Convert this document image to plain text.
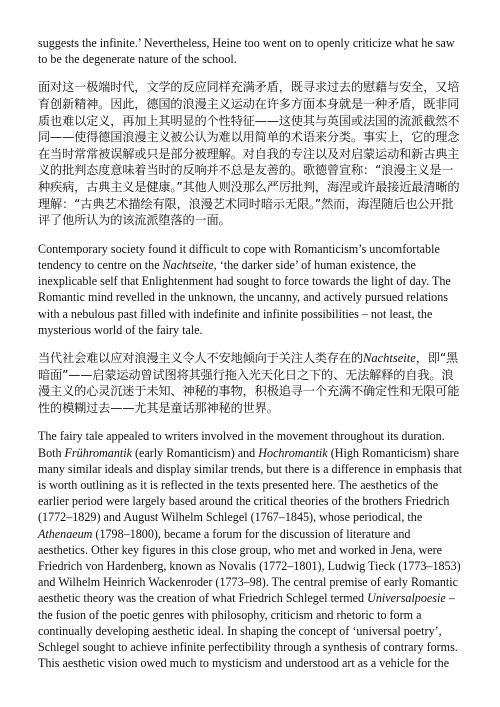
suggests the infinite.’ Nevertheless, Heine too went on to openly criticize what he saw to be the degenerate nature of the school.

面对这一极端时代，文学的反应同样充满矛盾，既寻求过去的慰藉与安全，又培育创新精神。因此，德国的浪漫主义运动在许多方面本身就是一种矛盾，既非同质也难以定义，再加上其明显的个性特征——这使其与英国或法国的流派截然不同——使得德国浪漫主义被公认为难以用简单的术语来分类。事实上，它的理念在当时常常被误解或只是部分被理解。对自我的专注以及对启蒙运动和新古典主义的批判态度意味着当时的反响并不总是友善的。歌德曾宣称：“浪漫主义是一种疾病，古典主义是健康。”其他人则没那么严厉批判，海涅或许最接近最清晰的理解：“古典艺术描绘有限，浪漫艺术同时暗示无限。”然而，海涅随后也公开批评了他所认为的该流派堕落的一面。

Contemporary society found it difficult to cope with Romanticism’s uncomfortable tendency to centre on the Nachtseite, ‘the darker side’ of human existence, the inexplicable self that Enlightenment had sought to force towards the light of day. The Romantic mind revelled in the unknown, the uncanny, and actively pursued relations with a nebulous past filled with indefinite and infinite possibilities – not least, the mysterious world of the fairy tale.

当代社会难以应对浪漫主义令人不安地倾向于关注人类存在的Nachtseite，即“黑暗面”——启蒙运动曾试图将其强行拖入光天化日之下的、无法解释的自我。浪漫主义的心灵沉迷于未知、神秘的事物，积极追寻一个充满不确定性和无限可能性的模糊过去——尤其是童话那神秘的世界。

The fairy tale appealed to writers involved in the movement throughout its duration. Both Frühromantik (early Romanticism) and Hochromantik (High Romanticism) share many similar ideals and display similar trends, but there is a difference in emphasis that is worth outlining as it is reflected in the texts presented here. The aesthetics of the earlier period were largely based around the critical theories of the brothers Friedrich (1772–1829) and August Wilhelm Schlegel (1767–1845), whose periodical, the Athenaeum (1798–1800), became a forum for the discussion of literature and aesthetics. Other key figures in this close group, who met and worked in Jena, were Friedrich von Hardenberg, known as Novalis (1772–1801), Ludwig Tieck (1773–1853) and Wilhelm Heinrich Wackenroder (1773–98). The central premise of early Romantic aesthetic theory was the creation of what Friedrich Schlegel termed Universalpoesie – the fusion of the poetic genres with philosophy, criticism and rhetoric to form a continually developing aesthetic ideal. In shaping the concept of ‘universal poetry’, Schlegel sought to achieve infinite perfectibility through a synthesis of contrary forms. This aesthetic vision owed much to mysticism and understood art as a vehicle for the
